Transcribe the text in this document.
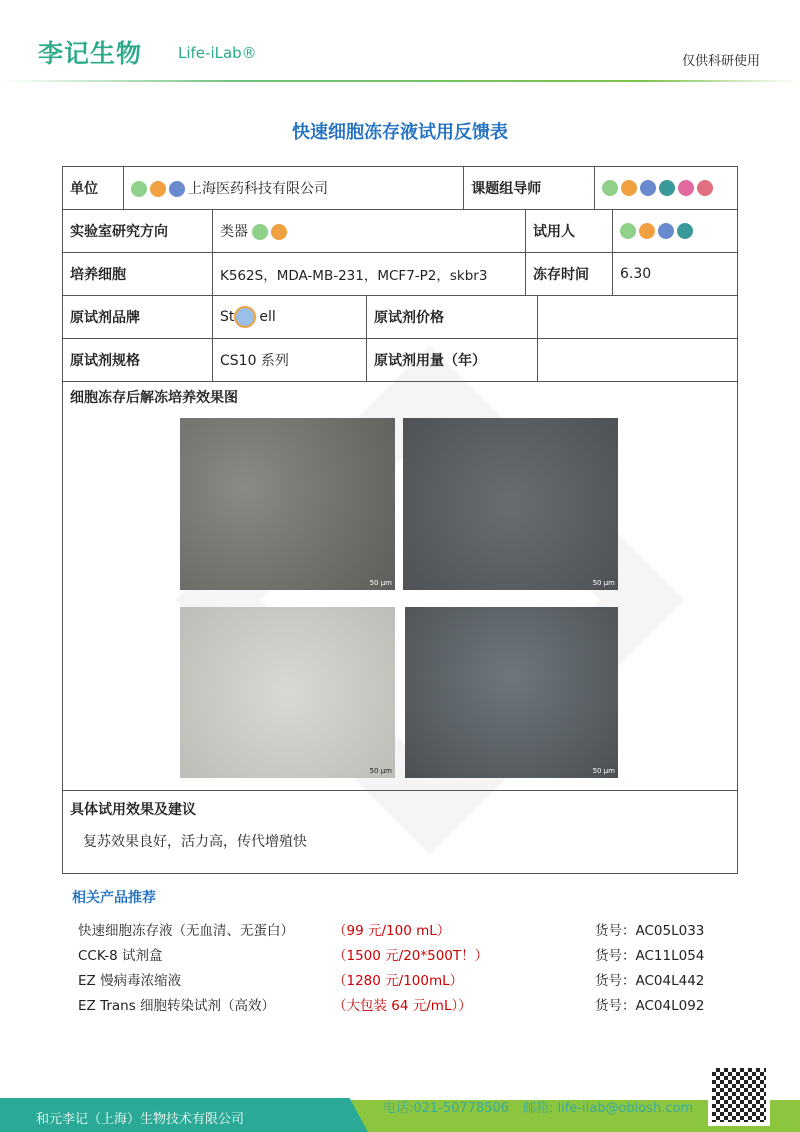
李记生物 Life-iLab®	仅供科研使用
快速细胞冻存液试用反馈表
单位	上海医药科技有限公司	课题组导师	
实验室研究方向	类器	试用人	
培养细胞	K562S，MDA-MB-231，MCF7-P2，skbr3	冻存时间	6.30
原试剂品牌	St ell	原试剂价格	
原试剂规格	CS10 系列	原试剂用量（年）	
细胞冻存后解冻培养效果图
50 μm	50 μm
50 μm	50 μm
具体试用效果及建议
复苏效果良好，活力高，传代增殖快
相关产品推荐
快速细胞冻存液（无血清、无蛋白）	（99 元/100 mL）	货号：AC05L033
CCK-8 试剂盒	（1500 元/20*500T！）	货号：AC11L054
EZ 慢病毒浓缩液	（1280 元/100mL）	货号：AC04L442
EZ Trans 细胞转染试剂（高效）	（大包装 64 元/mL））	货号：AC04L092
和元李记（上海）生物技术有限公司
电话:021-50778506 邮箱: life-ilab@obiosh.com
